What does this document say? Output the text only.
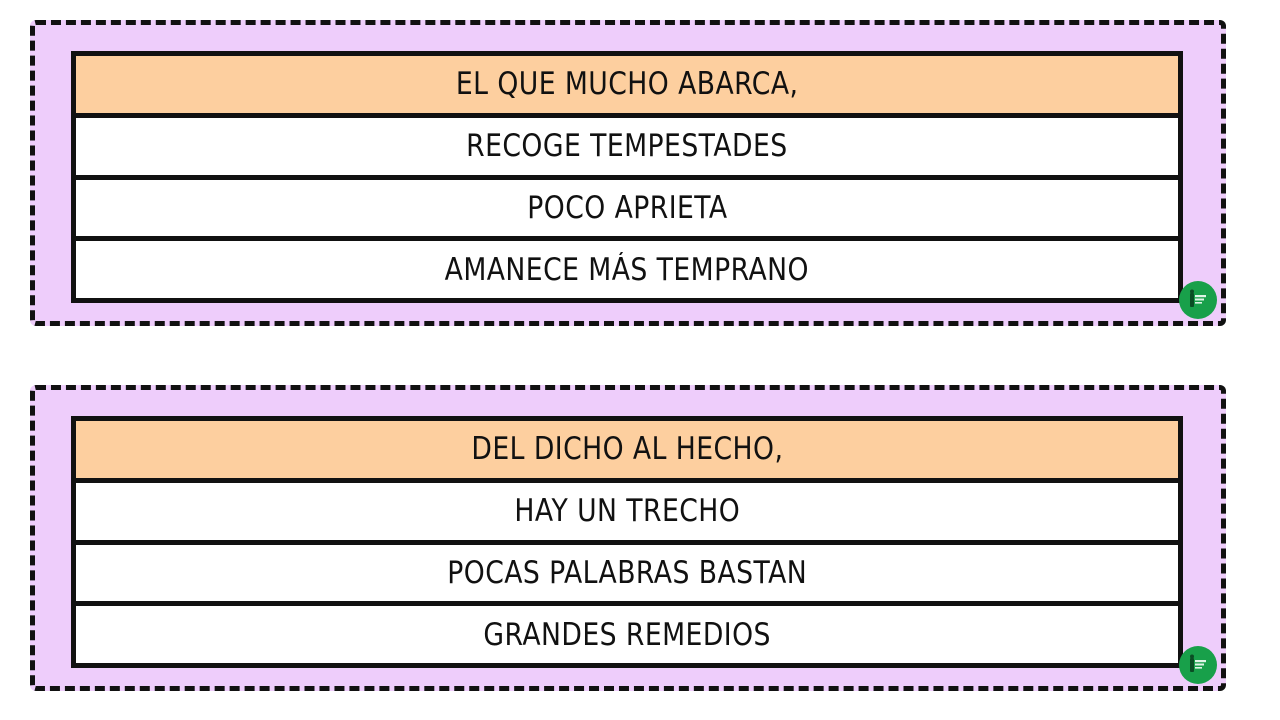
EL QUE MUCHO ABARCA,
RECOGE TEMPESTADES
POCO APRIETA
AMANECE MÁS TEMPRANO
DEL DICHO AL HECHO,
HAY UN TRECHO
POCAS PALABRAS BASTAN
GRANDES REMEDIOS
